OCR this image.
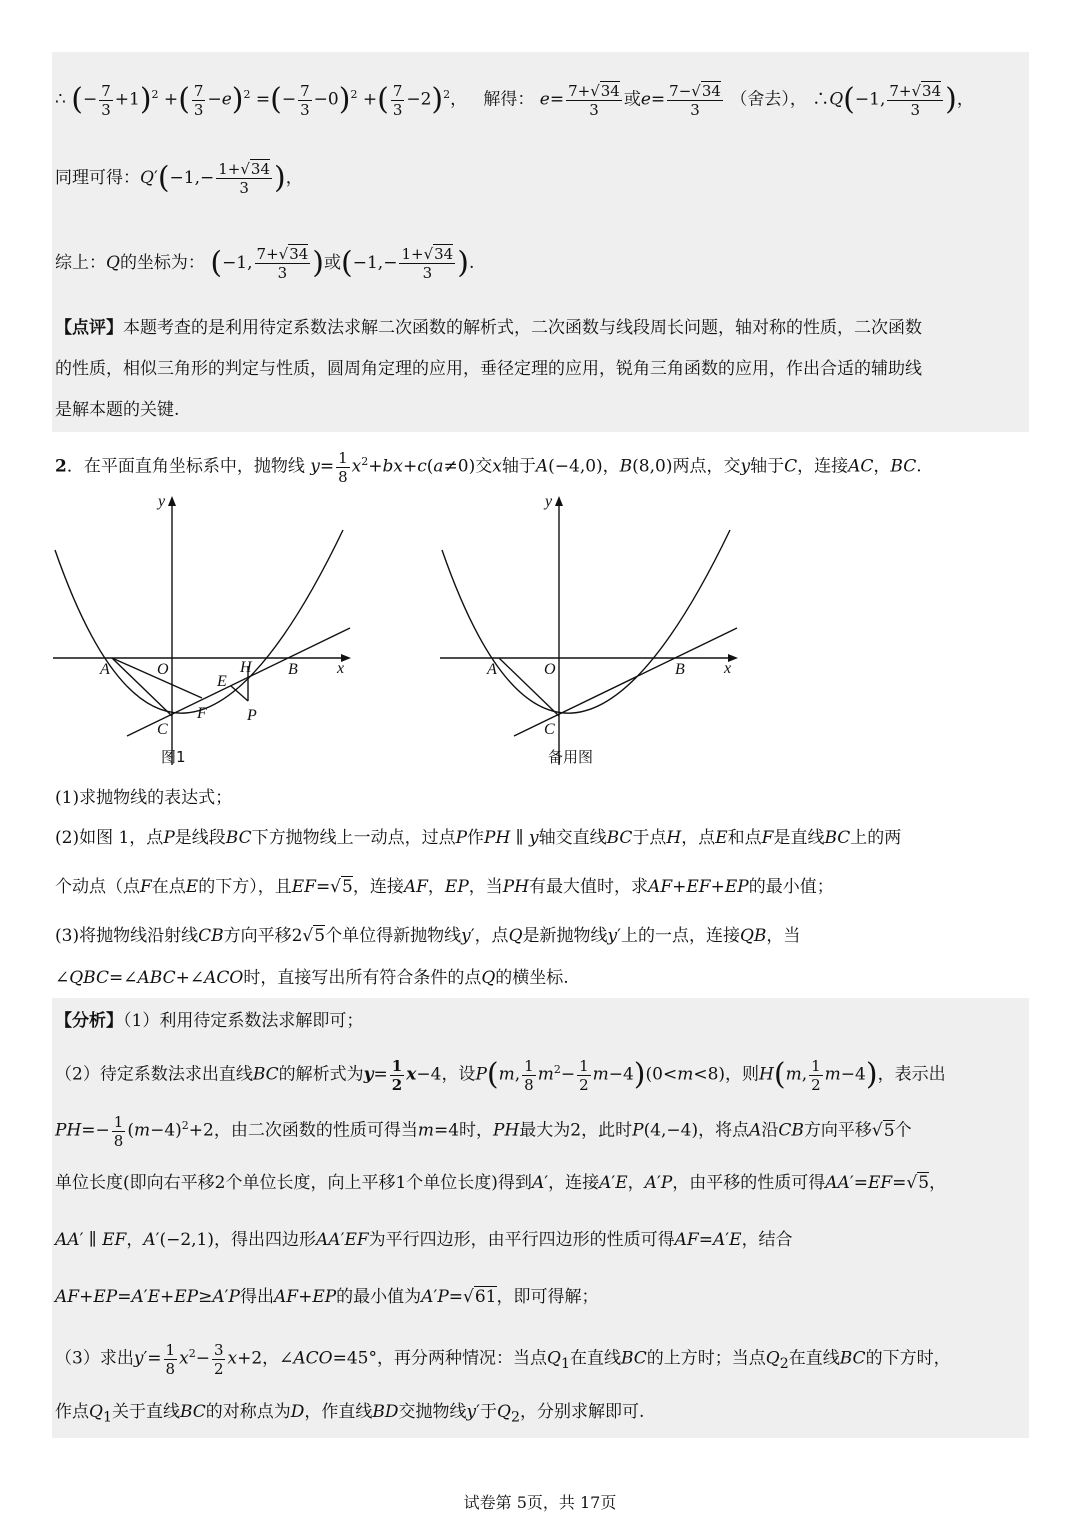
∴ (− $\frac{7}{3} +1)^2$ +( $\frac{7}{3} -e)^2$ =(− $\frac{7}{3} -0)^2$ +( $\frac{7}{3} -2)^2$，   解得： $e= \frac{7+√34}{3}$ 或$e= \frac{7-√34}{3}$ （舍去）， ∴Q(−1, $\frac{7+√34}{3}$ )，
同理可得：$Q'(-1,- \frac{1+√34}{3}$ )，
综上：Q的坐标为： (−1, $\frac{7+√34}{3}$ )或($-1,- \frac{1+√34}{3}$ ).
【点评】本题考查的是利用待定系数法求解二次函数的解析式，二次函数与线段周长问题，轴对称的性质，二次函数
的性质，相似三角形的判定与性质，圆周角定理的应用，垂径定理的应用，锐角三角函数的应用，作出合适的辅助线
是解本题的关键.
2．在平面直角坐标系中，抛物线 $y= \frac{1}{8} x^2+bx+c(a\ne 0)$交x轴于A(−4,0)，B(8,0)两点，交y轴于C，连接AC，BC.
y
x
A	O	H B
E
F	P
C
图1
y
x
A	O	B
C
备用图
(1)求抛物线的表达式；
(2)如图 1，点P是线段BC下方抛物线上一动点，过点P作PH ∥ y轴交直线BC于点H，点E和点F是直线BC上的两
个动点（点F在点E的下方），且EF=√5，连接AF，EP，当PH有最大值时，求AF+EF+EP的最小值；
(3)将抛物线沿射线CB方向平移2√5个单位得新抛物线y′，点Q是新抛物线y′上的一点，连接QB，当
∠QBC=∠ABC+∠ACO时，直接写出所有符合条件的点Q的横坐标.
【分析】（1）利用待定系数法求解即可；
（2）待定系数法求出直线BC的解析式为$y= \frac{1}{2} x-4$，设P(m, $\frac{1}{8} m^2- \frac{1}{2} m-4)(0<m<8)$，则H(m, $\frac{1}{2} m-4$)，表示出
$PH=- \frac{1}{8} (m-4)^2+2$，由二次函数的性质可得当m=4时，PH最大为2，此时P(4,−4)，将点A沿CB方向平移√5个
单位长度(即向右平移2个单位长度，向上平移1个单位长度)得到A′，连接A′E，A′P，由平移的性质可得AA′=EF=√5，
AA′ ∥ EF，A′(−2,1)，得出四边形AA′EF为平行四边形，由平行四边形的性质可得AF=A′E，结合
AF+EP=A′E+EP≥A′P得出AF+EP的最小值为A′P=√61，即可得解；
（3）求出$y'= \frac{1}{8} x^2- \frac{3}{2} x+2$，∠ACO=45°，再分两种情况：当点$Q_1$在直线BC的上方时；当点$Q_2$在直线BC的下方时，
作点$Q_1$关于直线BC的对称点为D，作直线BD交抛物线y′于$Q_2$，分别求解即可.
试卷第 5页，共 17页
